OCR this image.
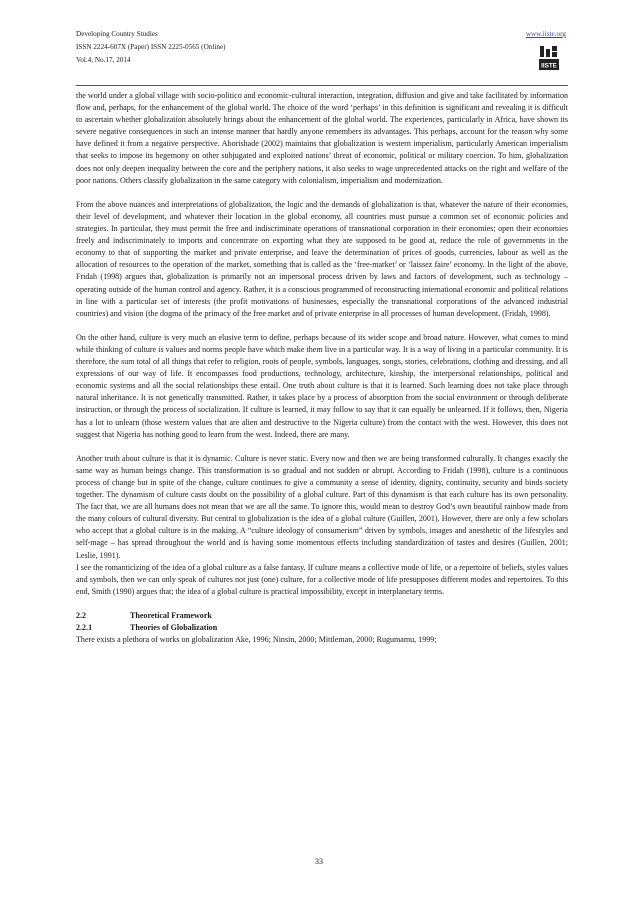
Developing Country Studies
ISSN 2224-607X (Paper) ISSN 2225-0565 (Online)
Vol.4, No.17, 2014
www.iiste.org
IISTE

the world under a global village with socio-politico and economic-cultural interaction, integration, diffusion and give and take facilitated by information flow and, perhaps, for the enhancement of the global world. The choice of the word ‘perhaps’ in this definition is significant and revealing it is difficult to ascertain whether globalization absolutely brings about the enhancement of the global world. The experiences, particularly in Africa, have shown its severe negative consequences in such an intense manner that hardly anyone remembers its advantages. This perhaps, account for the reason why some have defined it from a negative perspective. Aborishade (2002) maintains that globalization is western imperialism, particularly American imperialism that seeks to impose its hegemony on other subjugated and exploited nations’ threat of economic, political or military coercion. To him, globalization does not only deepen inequality between the core and the periphery nations, it also seeks to wage unprecedented attacks on the right and welfare of the poor nations. Others classify globalization in the same category with colonialism, imperialism and modernization.

From the above nuances and interpretations of globalization, the logic and the demands of globalization is that, whatever the nature of their economies, their level of development, and whatever their location in the global economy, all countries must pursue a common set of economic policies and strategies. In particular, they must permit the free and indiscriminate operations of transnational corporation in their economies; open their economies freely and indiscriminately to imports and concentrate on exporting what they are supposed to be good at, reduce the role of governments in the economy to that of supporting the market and private enterprise, and leave the determination of prices of goods, currencies, labour as well as the allocation of resources to the operation of the market, something that is called as the ‘free-market’ or ‘laissez faire’ economy. In the light of the above, Fridah (1998) argues that, globalization is primarily not an impersonal process driven by laws and factors of development, such as technology – operating outside of the human control and agency. Rather, it is a conscious programmed of reconstructing international economic and political relations in line with a particular set of interests (the profit motivations of businesses, especially the transnational corporations of the advanced industrial countries) and vision (the dogma of the primacy of the free market and of private enterprise in all processes of human development. (Fridah, 1998).

On the other hand, culture is very much an elusive term to define, perhaps because of its wider scope and broad nature. However, what comes to mind while thinking of culture is values and norms people have which make them live in a particular way. It is a way of living in a particular community. It is therefore, the sum total of all things that refer to religion, roots of people, symbols, languages, songs, stories, celebrations, clothing and dressing, and all expressions of our way of life. It encompasses food productions, technology, architecture, kinship, the interpersonal relationships, political and economic systems and all the social relationships these entail. One truth about culture is that it is learned. Such learning does not take place through natural inheritance. It is not genetically transmitted. Rather, it takes place by a process of absorption from the social environment or through deliberate instruction, or through the process of socialization. If culture is learned, it may follow to say that it can equally be unlearned. If it follows, then, Nigeria has a lot to unlearn (those western values that are alien and destructive to the Nigeria culture) from the contact with the west. However, this does not suggest that Nigeria has nothing good to learn from the west. Indeed, there are many.

Another truth about culture is that it is dynamic. Culture is never static. Every now and then we are being transformed culturally. It changes exactly the same way as human beings change. This transformation is so gradual and not sudden or abrupt. According to Fridah (1998), culture is a continuous process of change but in spite of the change, culture continues to give a community a sense of identity, dignity, continuity, security and binds society together. The dynamism of culture casts doubt on the possibility of a global culture. Part of this dynamism is that each culture has its own personality. The fact that, we are all humans does not mean that we are all the same. To ignore this, would mean to destroy God’s own beautiful rainbow made from the many colours of cultural diversity. But central to globalization is the idea of a global culture (Guillen, 2001). However, there are only a few scholars who accept that a global culture is in the making. A “culture ideology of consumerism” driven by symbols, images and anesthetic of the lifestyles and self-mage – has spread throughout the world and is having some momentous effects including standardization of tastes and desires (Guillen, 2001; Leslie, 1991).

I see the romanticizing of the idea of a global culture as a false fantasy. If culture means a collective mode of life, or a repertoire of beliefs, styles values and symbols, then we can only speak of cultures not just (one) culture, for a collective mode of life presupposes different modes and repertoires. To this end, Smith (1990) argues that; the idea of a global culture is practical impossibility, except in interplanetary terms.

2.2	Theoretical Framework
2.2.1	Theories of Globalization

There exists a plethora of works on globalization Ake, 1996; Ninsin, 2000; Mittleman, 2000; Rugumamu, 1999;

33
